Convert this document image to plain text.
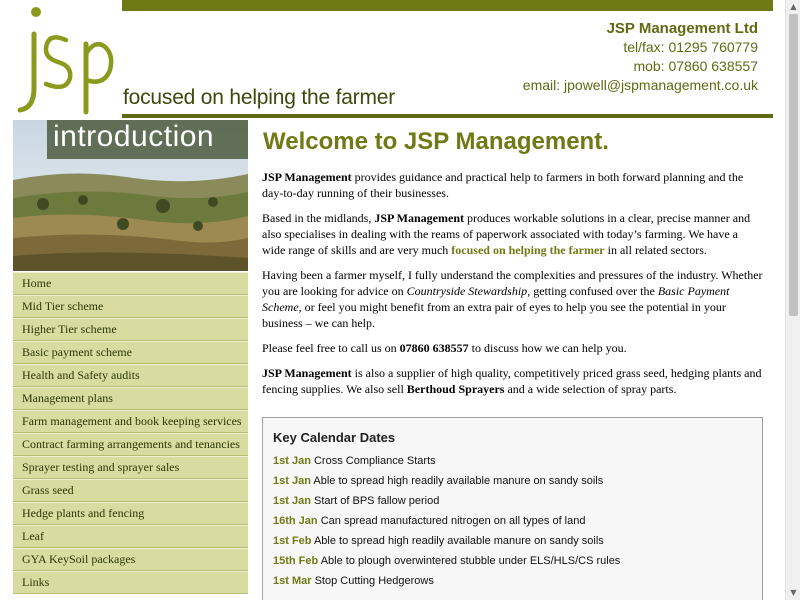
focused on helping the farmer
JSP Management Ltd
tel/fax: 01295 760779
mob: 07860 638557
email: jpowell@jspmanagement.co.uk
introduction
Home
Mid Tier scheme
Higher Tier scheme
Basic payment scheme
Health and Safety audits
Management plans
Farm management and book keeping services
Contract farming arrangements and tenancies
Sprayer testing and sprayer sales
Grass seed
Hedge plants and fencing
Leaf
GYA KeySoil packages
Links
Welcome to JSP Management.

JSP Management provides guidance and practical help to farmers in both forward planning and the day-to-day running of their businesses.

Based in the midlands, JSP Management produces workable solutions in a clear, precise manner and also specialises in dealing with the reams of paperwork associated with today’s farming. We have a wide range of skills and are very much focused on helping the farmer in all related sectors.

Having been a farmer myself, I fully understand the complexities and pressures of the industry. Whether you are looking for advice on Countryside Stewardship, getting confused over the Basic Payment Scheme, or feel you might benefit from an extra pair of eyes to help you see the potential in your business – we can help.

Please feel free to call us on 07860 638557 to discuss how we can help you.

JSP Management is also a supplier of high quality, competitively priced grass seed, hedging plants and fencing supplies. We also sell Berthoud Sprayers and a wide selection of spray parts.

Key Calendar Dates
1st Jan Cross Compliance Starts
1st Jan Able to spread high readily available manure on sandy soils
1st Jan Start of BPS fallow period
16th Jan Can spread manufactured nitrogen on all types of land
1st Feb Able to spread high readily available manure on sandy soils
15th Feb Able to plough overwintered stubble under ELS/HLS/CS rules
1st Mar Stop Cutting Hedgerows
▲
▼
